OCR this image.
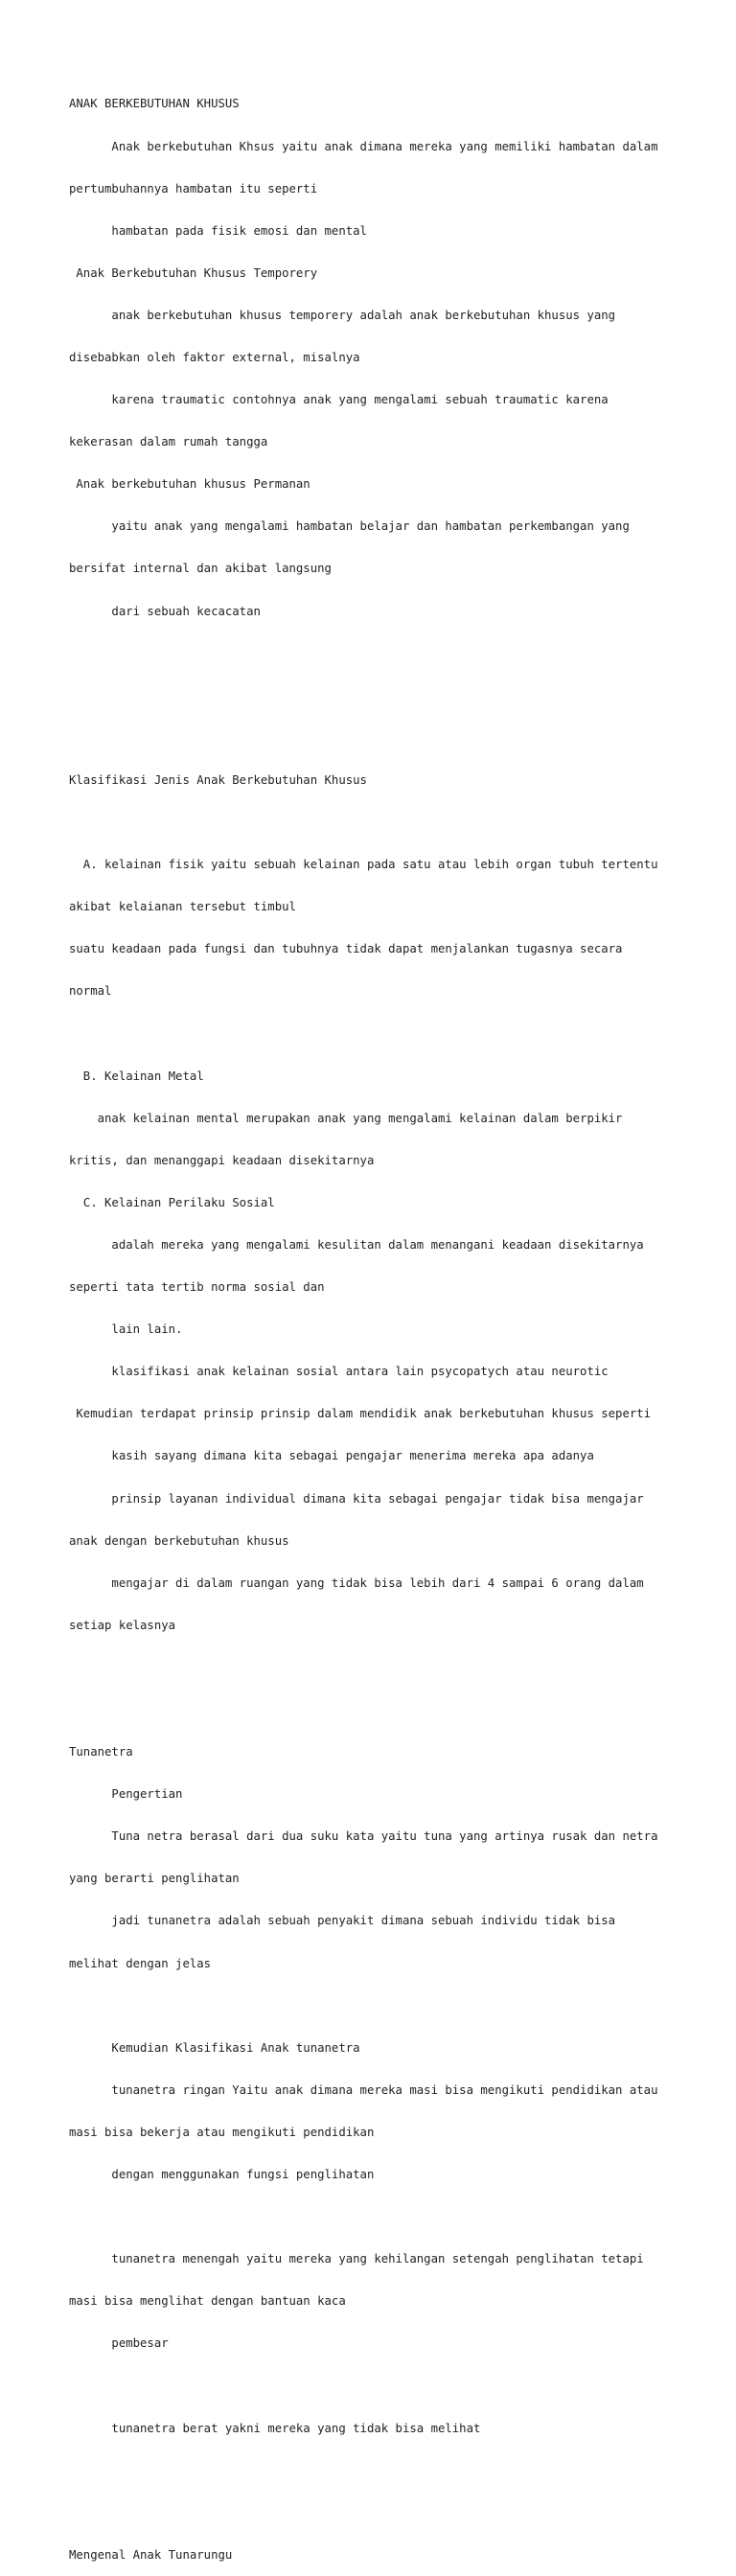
ANAK BERKEBUTUHAN KHUSUS

Anak berkebutuhan Khsus yaitu anak dimana mereka yang memiliki hambatan dalam

pertumbuhannya hambatan itu seperti

hambatan pada fisik emosi dan mental

Anak Berkebutuhan Khusus Temporery

anak berkebutuhan khusus temporery adalah anak berkebutuhan khusus yang

disebabkan oleh faktor external, misalnya

karena traumatic contohnya anak yang mengalami sebuah traumatic karena

kekerasan dalam rumah tangga

Anak berkebutuhan khusus Permanan

yaitu anak yang mengalami hambatan belajar dan hambatan perkembangan yang

bersifat internal dan akibat langsung

dari sebuah kecacatan

Klasifikasi Jenis Anak Berkebutuhan Khusus

A. kelainan fisik yaitu sebuah kelainan pada satu atau lebih organ tubuh tertentu

akibat kelaianan tersebut timbul

suatu keadaan pada fungsi dan tubuhnya tidak dapat menjalankan tugasnya secara

normal

B. Kelainan Metal

anak kelainan mental merupakan anak yang mengalami kelainan dalam berpikir

kritis, dan menanggapi keadaan disekitarnya

C. Kelainan Perilaku Sosial

adalah mereka yang mengalami kesulitan dalam menangani keadaan disekitarnya

seperti tata tertib norma sosial dan

lain lain.

klasifikasi anak kelainan sosial antara lain psycopatych atau neurotic

Kemudian terdapat prinsip prinsip dalam mendidik anak berkebutuhan khusus seperti

kasih sayang dimana kita sebagai pengajar menerima mereka apa adanya

prinsip layanan individual dimana kita sebagai pengajar tidak bisa mengajar

anak dengan berkebutuhan khusus

mengajar di dalam ruangan yang tidak bisa lebih dari 4 sampai 6 orang dalam

setiap kelasnya

Tunanetra

Pengertian

Tuna netra berasal dari dua suku kata yaitu tuna yang artinya rusak dan netra

yang berarti penglihatan

jadi tunanetra adalah sebuah penyakit dimana sebuah individu tidak bisa

melihat dengan jelas

Kemudian Klasifikasi Anak tunanetra

tunanetra ringan Yaitu anak dimana mereka masi bisa mengikuti pendidikan atau

masi bisa bekerja atau mengikuti pendidikan

dengan menggunakan fungsi penglihatan

tunanetra menengah yaitu mereka yang kehilangan setengah penglihatan tetapi

masi bisa menglihat dengan bantuan kaca

pembesar

tunanetra berat yakni mereka yang tidak bisa melihat

Mengenal Anak Tunarungu
